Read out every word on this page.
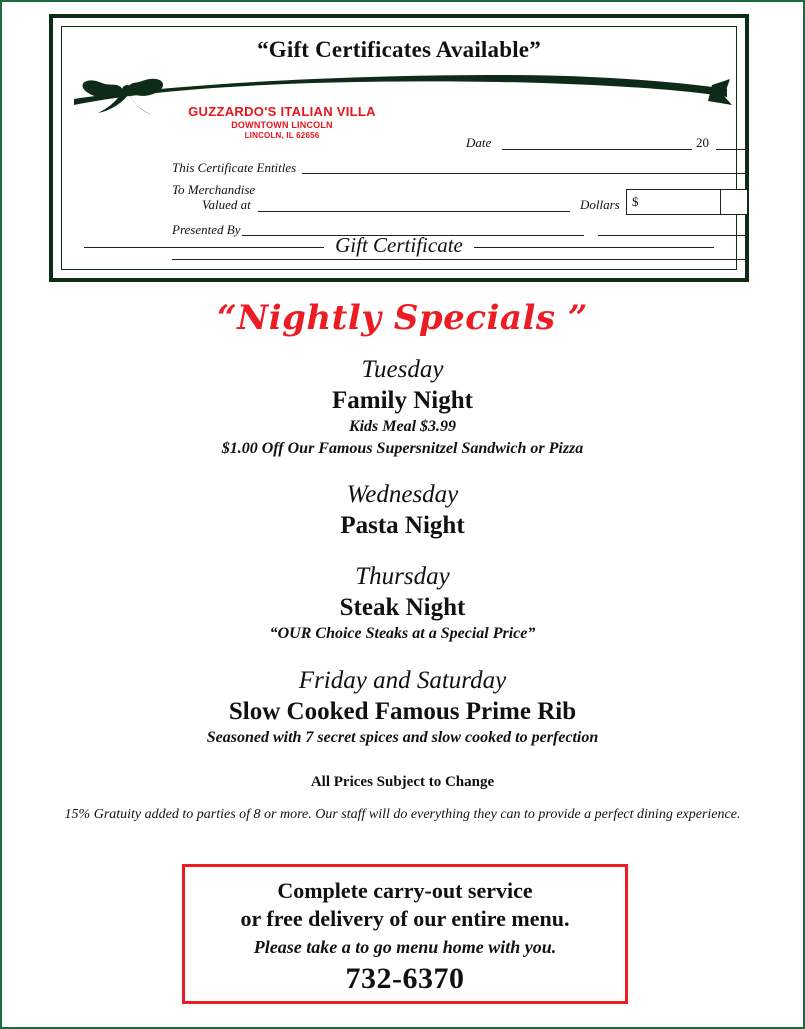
“Gift Certificates Available”
GUZZARDO'S ITALIAN VILLA
DOWNTOWN LINCOLN
LINCOLN, IL 62656	Date	20
This Certificate Entitles
To Merchandise
Valued at	Dollars $
Presented By
Gift Certificate
“Nightly Specials ”
Tuesday
Family Night
Kids Meal $3.99
$1.00 Off Our Famous Supersnitzel Sandwich or Pizza
Wednesday
Pasta Night
Thursday
Steak Night
“OUR Choice Steaks at a Special Price”
Friday and Saturday
Slow Cooked Famous Prime Rib
Seasoned with 7 secret spices and slow cooked to perfection
All Prices Subject to Change
15% Gratuity added to parties of 8 or more. Our staff will do everything they can to provide a perfect dining experience.
Complete carry-out service
or free delivery of our entire menu.
Please take a to go menu home with you.
732-6370
